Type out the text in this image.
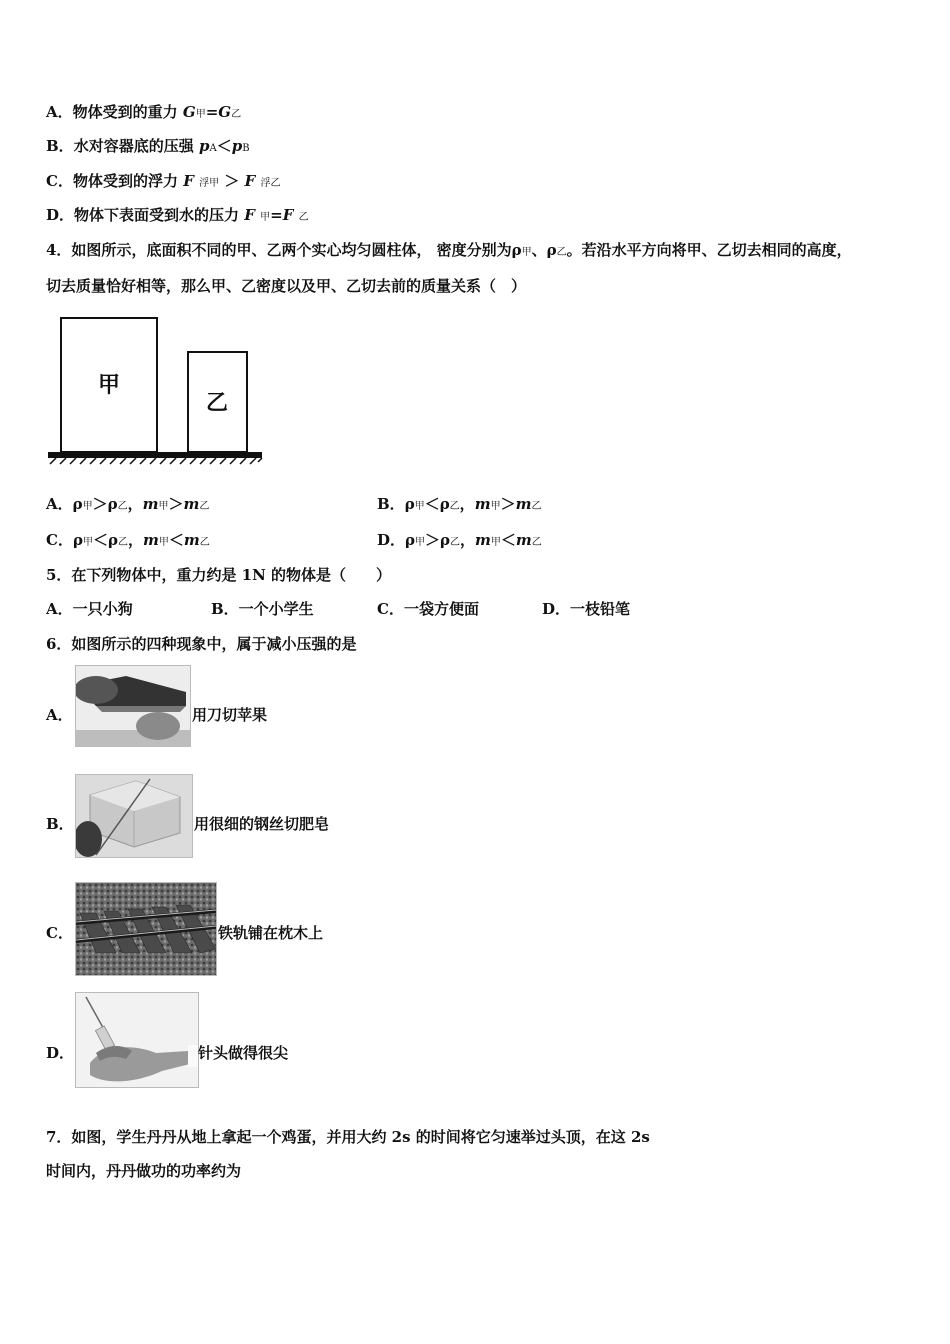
A．物体受到的重力 G甲=G乙
B．水对容器底的压强 pA＜pB
C．物体受到的浮力 F 浮甲 ＞ F 浮乙
D．物体下表面受到水的压力 F 甲=F 乙
4．如图所示，底面积不同的甲、乙两个实心均匀圆柱体， 密度分别为ρ甲、ρ乙。若沿水平方向将甲、乙切去相同的高度，
切去质量恰好相等，那么甲、乙密度以及甲、乙切去前的质量关系（　）
甲
乙
A．ρ甲＞ρ乙，m甲＞m乙	B．ρ甲＜ρ乙，m甲＞m乙
C．ρ甲＜ρ乙，m甲＜m乙	D．ρ甲＞ρ乙，m甲＜m乙
5．在下列物体中，重力约是 1N 的物体是（　　）
A．一只小狗	B．一个小学生	C．一袋方便面	D．一枝铅笔
6．如图所示的四种现象中，属于减小压强的是
A．	用刀切苹果
B．	用很细的钢丝切肥皂
C．	铁轨铺在枕木上
D．	针头做得很尖
7．如图，学生丹丹从地上拿起一个鸡蛋，并用大约 2s 的时间将它匀速举过头顶，在这 2s
时间内，丹丹做功的功率约为
